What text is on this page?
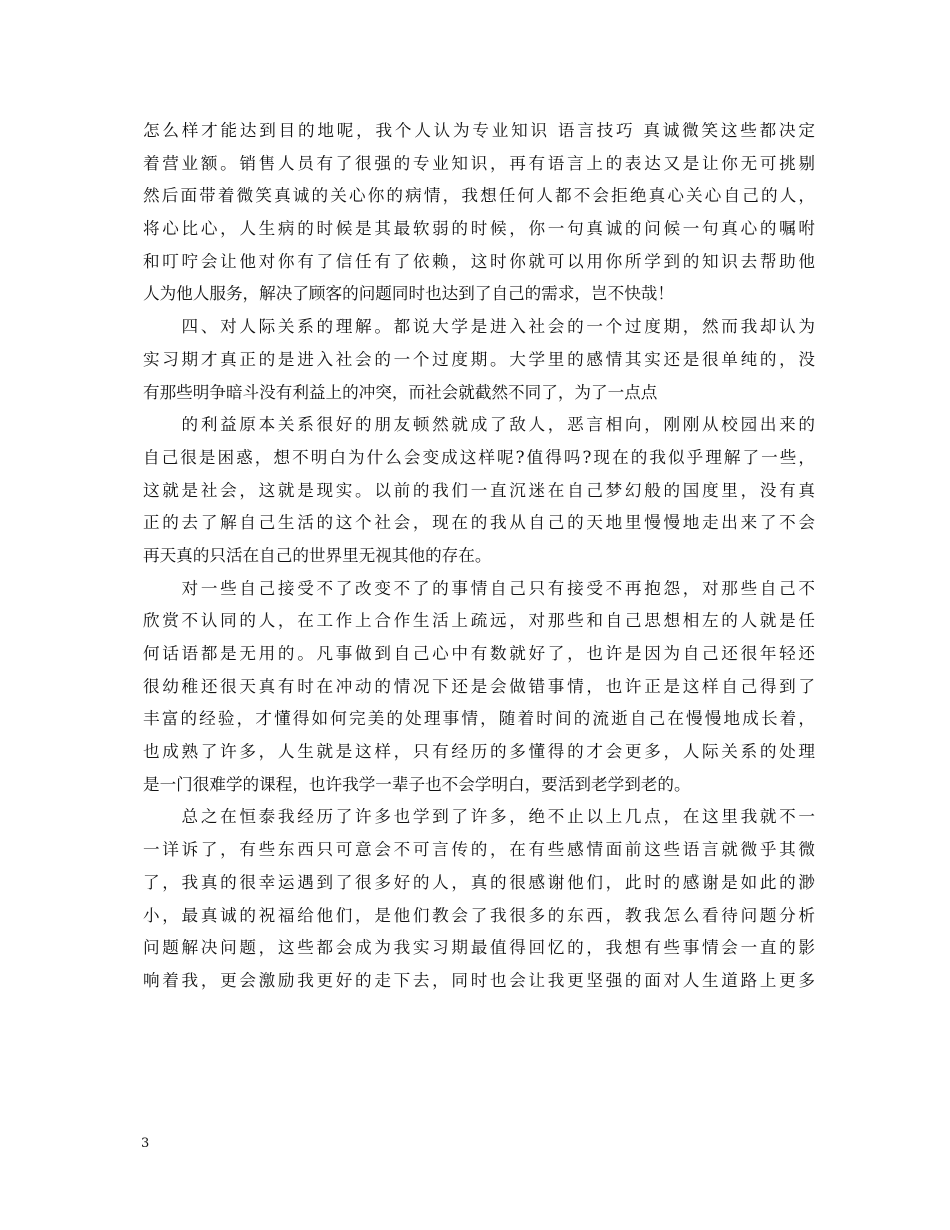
怎么样才能达到目的地呢，我个人认为专业知识 语言技巧 真诚微笑这些都决定
着营业额。销售人员有了很强的专业知识，再有语言上的表达又是让你无可挑剔
然后面带着微笑真诚的关心你的病情，我想任何人都不会拒绝真心关心自己的人，
将心比心，人生病的时候是其最软弱的时候，你一句真诚的问候一句真心的嘱咐
和叮咛会让他对你有了信任有了依赖，这时你就可以用你所学到的知识去帮助他
人为他人服务，解决了顾客的问题同时也达到了自己的需求，岂不快哉！
　　四、对人际关系的理解。都说大学是进入社会的一个过度期，然而我却认为
实习期才真正的是进入社会的一个过度期。大学里的感情其实还是很单纯的，没
有那些明争暗斗没有利益上的冲突，而社会就截然不同了，为了一点点
　　的利益原本关系很好的朋友顿然就成了敌人，恶言相向，刚刚从校园出来的
自己很是困惑，想不明白为什么会变成这样呢?值得吗?现在的我似乎理解了一些，
这就是社会，这就是现实。以前的我们一直沉迷在自己梦幻般的国度里，没有真
正的去了解自己生活的这个社会，现在的我从自己的天地里慢慢地走出来了不会
再天真的只活在自己的世界里无视其他的存在。
　　对一些自己接受不了改变不了的事情自己只有接受不再抱怨，对那些自己不
欣赏不认同的人，在工作上合作生活上疏远，对那些和自己思想相左的人就是任
何话语都是无用的。凡事做到自己心中有数就好了，也许是因为自己还很年轻还
很幼稚还很天真有时在冲动的情况下还是会做错事情，也许正是这样自己得到了
丰富的经验，才懂得如何完美的处理事情，随着时间的流逝自己在慢慢地成长着，
也成熟了许多，人生就是这样，只有经历的多懂得的才会更多，人际关系的处理
是一门很难学的课程，也许我学一辈子也不会学明白，要活到老学到老的。
　　总之在恒泰我经历了许多也学到了许多，绝不止以上几点，在这里我就不一
一详诉了，有些东西只可意会不可言传的，在有些感情面前这些语言就微乎其微
了，我真的很幸运遇到了很多好的人，真的很感谢他们，此时的感谢是如此的渺
小，最真诚的祝福给他们，是他们教会了我很多的东西，教我怎么看待问题分析
问题解决问题，这些都会成为我实习期最值得回忆的，我想有些事情会一直的影
响着我，更会激励我更好的走下去，同时也会让我更坚强的面对人生道路上更多
3
